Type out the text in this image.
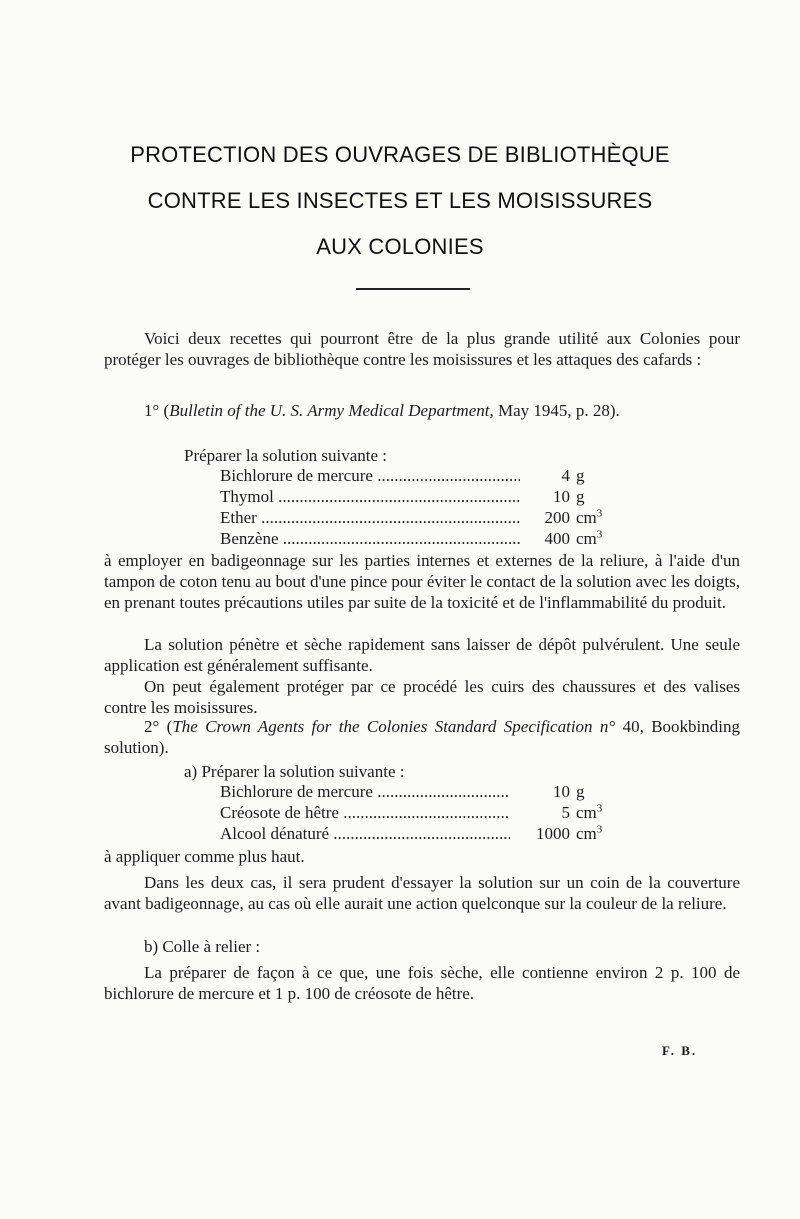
PROTECTION DES OUVRAGES DE BIBLIOTHÈQUE
CONTRE LES INSECTES ET LES MOISISSURES
AUX COLONIES
Voici deux recettes qui pourront être de la plus grande utilité aux Colonies pour protéger les ouvrages de bibliothèque contre les moisissures et les attaques des cafards :
1° (Bulletin of the U. S. Army Medical Department, May 1945, p. 28).
Préparer la solution suivante :
Bichlorure de mercure .....	4 g
Thymol .....	10 g
Ether .....	200 $cm^3$
Benzène .....	400 $cm^3$
à employer en badigeonnage sur les parties internes et externes de la reliure, à l'aide d'un tampon de coton tenu au bout d'une pince pour éviter le contact de la solution avec les doigts, en prenant toutes précautions utiles par suite de la toxicité et de l'inflammabilité du produit.
La solution pénètre et sèche rapidement sans laisser de dépôt pulvérulent. Une seule application est généralement suffisante.
On peut également protéger par ce procédé les cuirs des chaussures et des valises contre les moisissures.
2° (The Crown Agents for the Colonies Standard Specification n° 40, Bookbinding solution).
a) Préparer la solution suivante :
Bichlorure de mercure .....	10 g
Créosote de hêtre .....	5 $cm^3$
Alcool dénaturé .....	1000 $cm^3$
à appliquer comme plus haut.
Dans les deux cas, il sera prudent d'essayer la solution sur un coin de la couverture avant badigeonnage, au cas où elle aurait une action quelconque sur la couleur de la reliure.
b) Colle à relier :
La préparer de façon à ce que, une fois sèche, elle contienne environ 2 p. 100 de bichlorure de mercure et 1 p. 100 de créosote de hêtre.
F. B.
